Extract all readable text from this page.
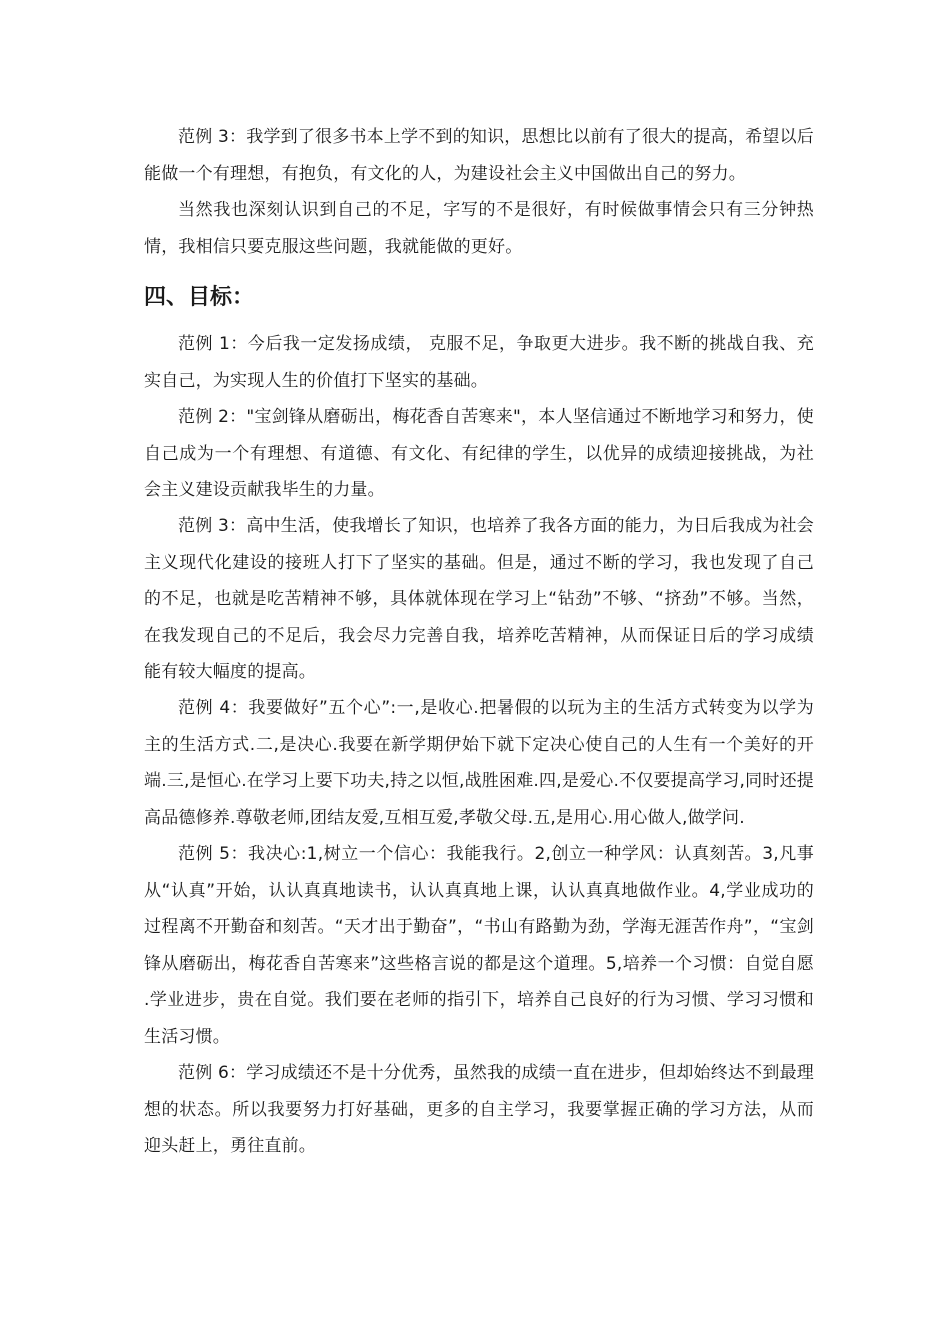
范例 3：我学到了很多书本上学不到的知识，思想比以前有了很大的提高，希望以后能做一个有理想，有抱负，有文化的人，为建设社会主义中国做出自己的努力。

当然我也深刻认识到自己的不足，字写的不是很好，有时候做事情会只有三分钟热情，我相信只要克服这些问题，我就能做的更好。

四、目标：

范例 1：今后我一定发扬成绩， 克服不足，争取更大进步。我不断的挑战自我、充实自己，为实现人生的价值打下坚实的基础。

范例 2："宝剑锋从磨砺出，梅花香自苦寒来"，本人坚信通过不断地学习和努力，使自己成为一个有理想、有道德、有文化、有纪律的学生，以优异的成绩迎接挑战，为社会主义建设贡献我毕生的力量。

范例 3：高中生活，使我增长了知识，也培养了我各方面的能力，为日后我成为社会主义现代化建设的接班人打下了坚实的基础。但是，通过不断的学习，我也发现了自己的不足，也就是吃苦精神不够，具体就体现在学习上“钻劲”不够、“挤劲”不够。当然，在我发现自己的不足后，我会尽力完善自我，培养吃苦精神，从而保证日后的学习成绩能有较大幅度的提高。

范例 4：我要做好”五个心”:一,是收心.把暑假的以玩为主的生活方式转变为以学为主的生活方式.二,是决心.我要在新学期伊始下就下定决心使自己的人生有一个美好的开端.三,是恒心.在学习上要下功夫,持之以恒,战胜困难.四,是爱心.不仅要提高学习,同时还提高品德修养.尊敬老师,团结友爱,互相互爱,孝敬父母.五,是用心.用心做人,做学问.

范例 5：我决心:1,树立一个信心：我能我行。2,创立一种学风：认真刻苦。3,凡事从“认真”开始，认认真真地读书，认认真真地上课，认认真真地做作业。4,学业成功的过程离不开勤奋和刻苦。“天才出于勤奋”，“书山有路勤为劲，学海无涯苦作舟”，“宝剑锋从磨砺出，梅花香自苦寒来”这些格言说的都是这个道理。5,培养一个习惯：自觉自愿 .学业进步，贵在自觉。我们要在老师的指引下，培养自己良好的行为习惯、学习习惯和生活习惯。

范例 6：学习成绩还不是十分优秀，虽然我的成绩一直在进步，但却始终达不到最理想的状态。所以我要努力打好基础，更多的自主学习，我要掌握正确的学习方法，从而迎头赶上，勇往直前。
